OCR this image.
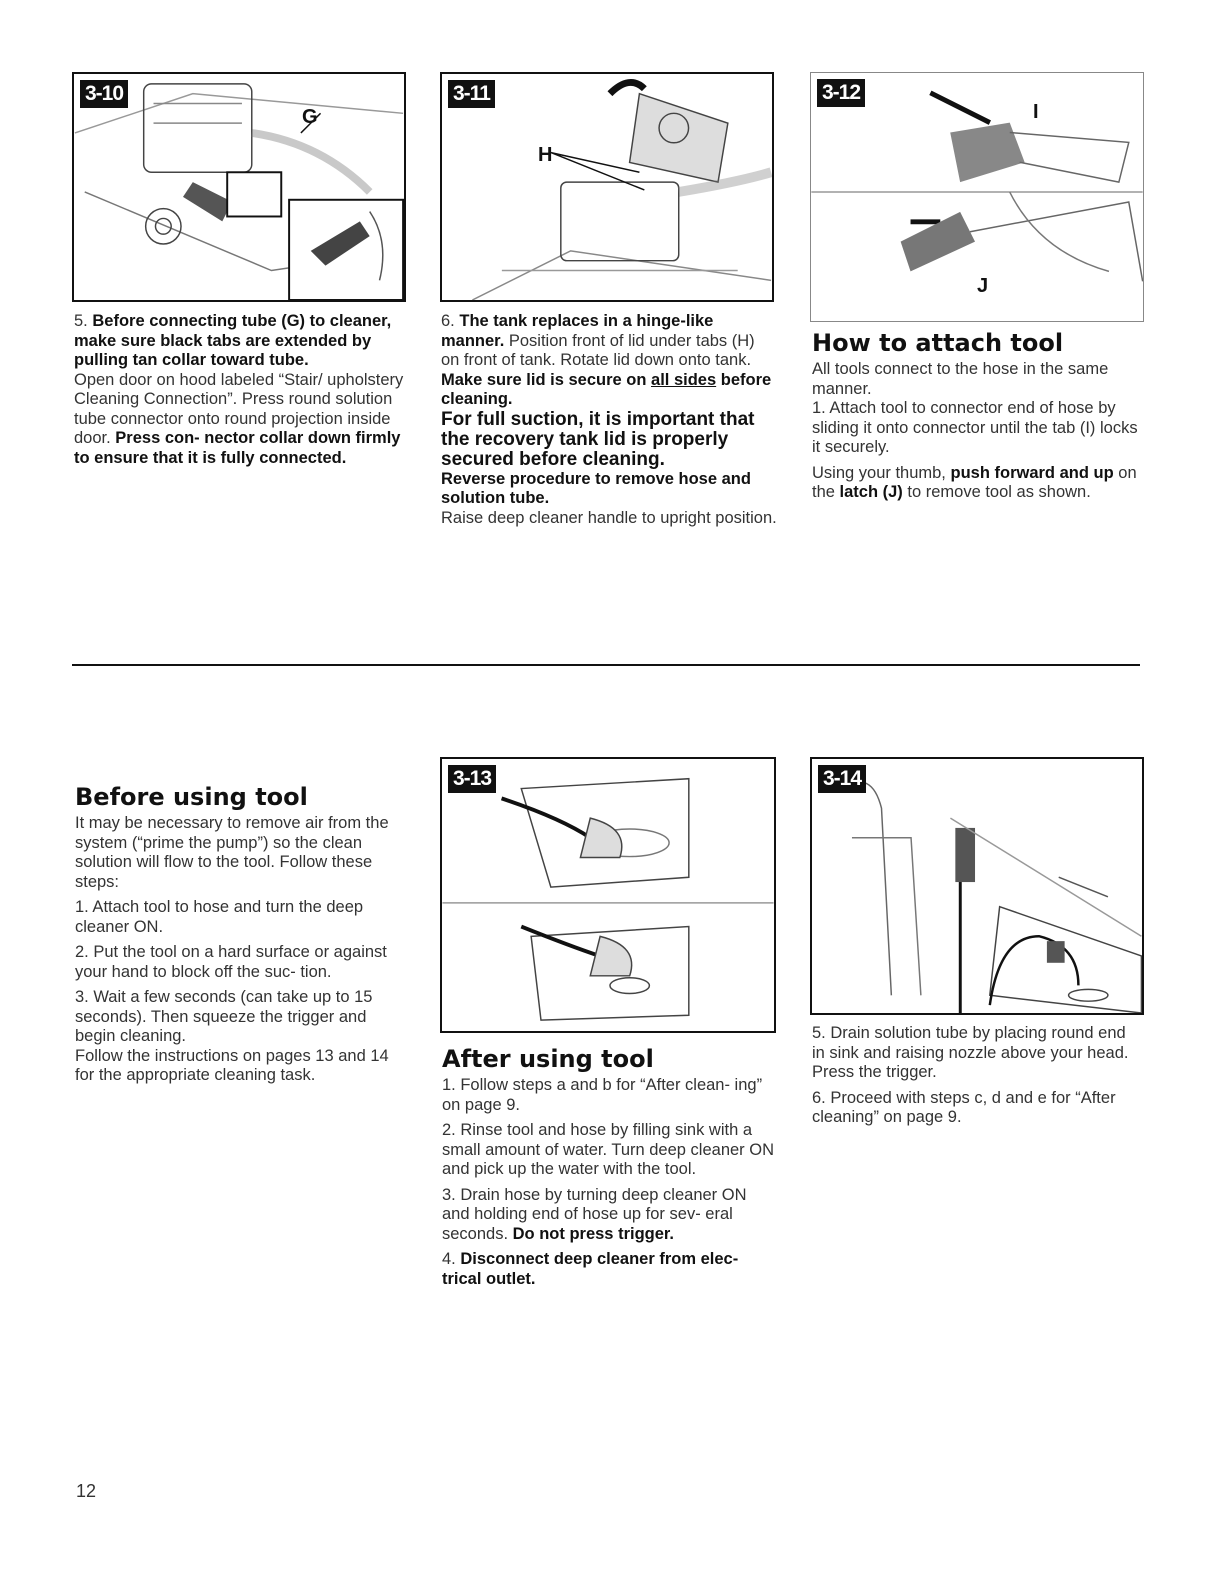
3-10
G
3-11
H
3-12
I
J

5. Before connecting tube (G) to cleaner, make sure black tabs are extended by pulling tan collar toward tube.
Open door on hood labeled “Stair/ upholstery Cleaning Connection”. Press round solution tube connector onto round projection inside door. Press con- nector collar down firmly to ensure that it is fully connected.

6. The tank replaces in a hinge-like manner. Position front of lid under tabs (H) on front of tank. Rotate lid down onto tank.

Make sure lid is secure on all sides before cleaning.

For full suction, it is important that the recovery tank lid is properly secured before cleaning.

Reverse procedure to remove hose and solution tube.

Raise deep cleaner handle to upright position.

How to attach tool

All tools connect to the hose in the same manner.

1. Attach tool to connector end of hose by sliding it onto connector until the tab (I) locks it securely.

Using your thumb, push forward and up on the latch (J) to remove tool as shown.

Before using tool

It may be necessary to remove air from the system (“prime the pump”) so the clean solution will flow to the tool. Follow these steps:

1. Attach tool to hose and turn the deep cleaner ON.

2. Put the tool on a hard surface or against your hand to block off the suc- tion.

3. Wait a few seconds (can take up to 15 seconds). Then squeeze the trigger and begin cleaning.

Follow the instructions on pages 13 and 14 for the appropriate cleaning task.

3-13
After using tool

1. Follow steps a and b for “After clean- ing” on page 9.

2. Rinse tool and hose by filling sink with a small amount of water. Turn deep cleaner ON and pick up the water with the tool.

3. Drain hose by turning deep cleaner ON and holding end of hose up for sev- eral seconds. Do not press trigger.

4. Disconnect deep cleaner from elec- trical outlet.

3-14

5. Drain solution tube by placing round end in sink and raising nozzle above your head. Press the trigger.

6. Proceed with steps c, d and e for “After cleaning” on page 9.

12
